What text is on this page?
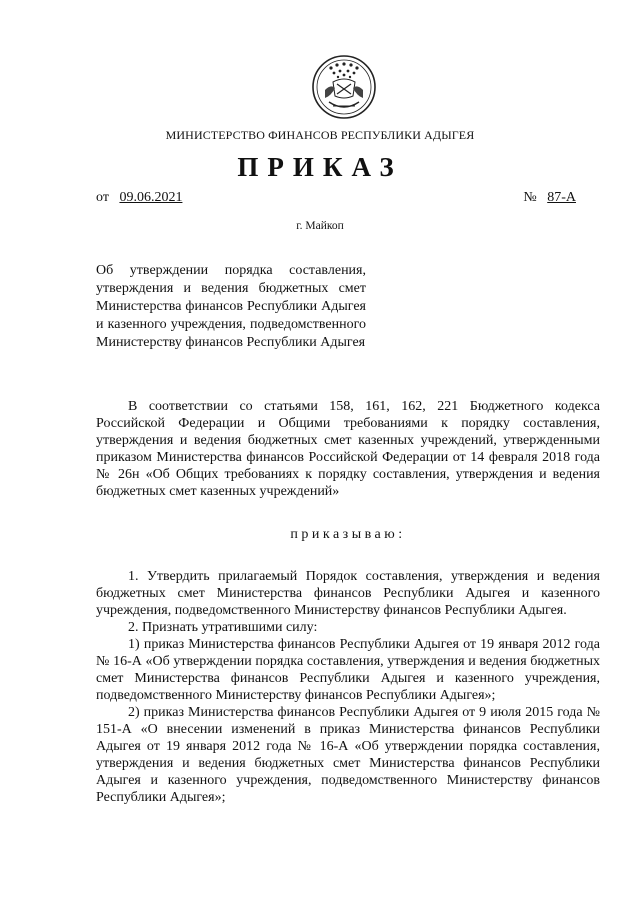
МИНИСТЕРСТВО ФИНАНСОВ РЕСПУБЛИКИ АДЫГЕЯ
ПРИКАЗ
от 09.06.2021	№ 87-А
г. Майкоп
Об утверждении порядка составления, утверждения и ведения бюджетных смет Министерства финансов Республики Адыгея и казенного учреждения, подведомственного Министерству финансов Республики Адыгея

В соответствии со статьями 158, 161, 162, 221 Бюджетного кодекса Российской Федерации и Общими требованиями к порядку составления, утверждения и ведения бюджетных смет казенных учреждений, утвержденными приказом Министерства финансов Российской Федерации от 14 февраля 2018 года № 26н «Об Общих требованиях к порядку составления, утверждения и ведения бюджетных смет казенных учреждений»

приказываю:

1. Утвердить прилагаемый Порядок составления, утверждения и ведения бюджетных смет Министерства финансов Республики Адыгея и казенного учреждения, подведомственного Министерству финансов Республики Адыгея.

2. Признать утратившими силу:

1) приказ Министерства финансов Республики Адыгея от 19 января 2012 года № 16-А «Об утверждении порядка составления, утверждения и ведения бюджетных смет Министерства финансов Республики Адыгея и казенного учреждения, подведомственного Министерству финансов Республики Адыгея»;

2) приказ Министерства финансов Республики Адыгея от 9 июля 2015 года № 151-А «О внесении изменений в приказ Министерства финансов Республики Адыгея от 19 января 2012 года № 16-А «Об утверждении порядка составления, утверждения и ведения бюджетных смет Министерства финансов Республики Адыгея и казенного учреждения, подведомственного Министерству финансов Республики Адыгея»;
